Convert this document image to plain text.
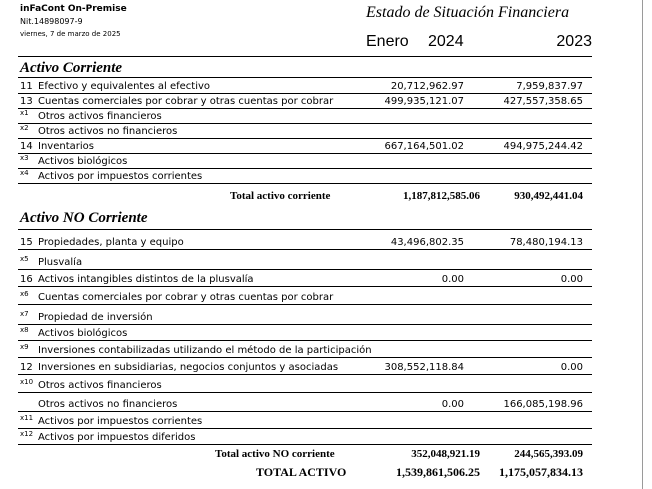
inFaCont On-Premise
Nit.14898097-9
viernes, 7 de marzo de 2025
Estado de Situación Financiera
Enero 2024	2023
Activo Corriente
11 Efectivo y equivalentes al efectivo	20,712,962.97	7,959,837.97
13 Cuentas comerciales por cobrar y otras cuentas por cobrar	499,935,121.07	427,557,358.65
x1 Otros activos financieros
x2 Otros activos no financieros
14 Inventarios	667,164,501.02	494,975,244.42
x3 Activos biológicos
x4 Activos por impuestos corrientes
Total activo corriente	1,187,812,585.06	930,492,441.04
Activo NO Corriente
15 Propiedades, planta y equipo	43,496,802.35	78,480,194.13
x5 Plusvalía
16 Activos intangibles distintos de la plusvalía	0.00	0.00
x6 Cuentas comerciales por cobrar y otras cuentas por cobrar
x7 Propiedad de inversión
x8 Activos biológicos
x9 Inversiones contabilizadas utilizando el método de la participación
12 Inversiones en subsidiarias, negocios conjuntos y asociadas	308,552,118.84	0.00
x10 Otros activos financieros
Otros activos no financieros	0.00	166,085,198.96
x11 Activos por impuestos corrientes
x12 Activos por impuestos diferidos
Total activo NO corriente	352,048,921.19	244,565,393.09
TOTAL ACTIVO	1,539,861,506.25 1,175,057,834.13
